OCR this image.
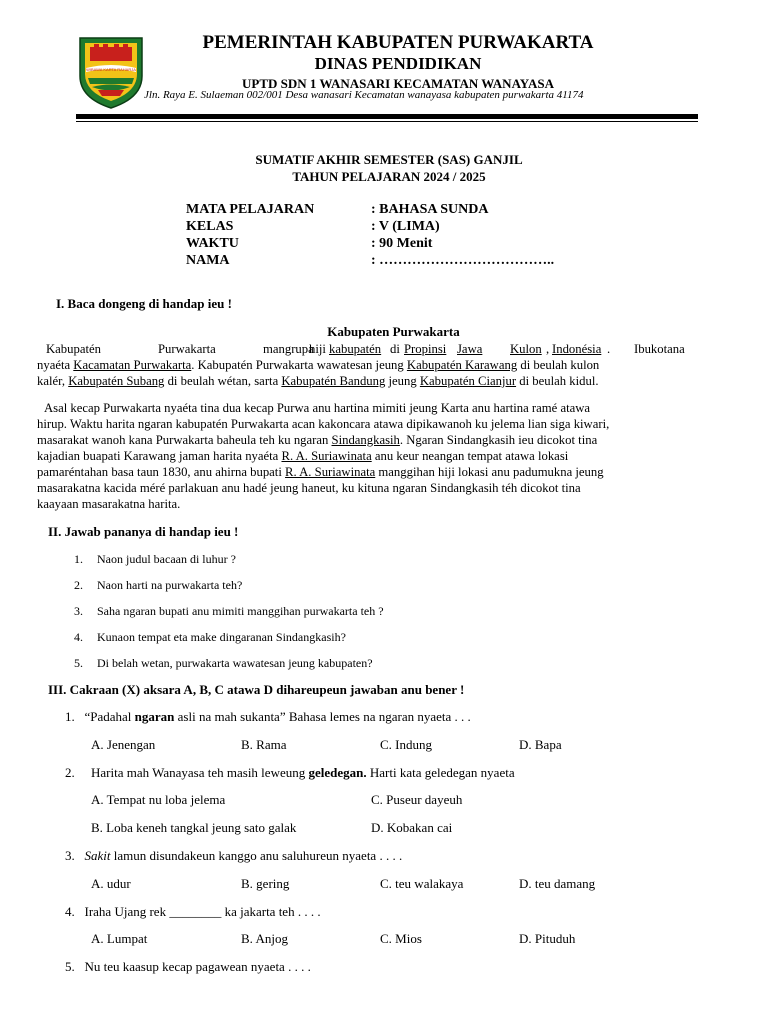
WIBAWA KARTA RAHARJA
PEMERINTAH KABUPATEN PURWAKARTA
DINAS PENDIDIKAN
UPTD SDN 1 WANASARI KECAMATAN WANAYASA
Jln. Raya E. Sulaeman 002/001 Desa wanasari Kecamatan wanayasa kabupaten purwakarta 41174
SUMATIF AKHIR SEMESTER (SAS) GANJIL
TAHUN PELAJARAN 2024 / 2025
MATA PELAJARAN	: BAHASA SUNDA
KELAS	: V (LIMA)
WAKTU	: 90 Menit
NAMA	: ………………………………..
I. Baca dongeng di handap ieu !
Kabupaten Purwakarta
Kabupatén	Purwakarta	mangrupa
hiji kabupatén di Propinsi Jawa Kulon , Indonésia . Ibukotana
nyaéta Kacamatan Purwakarta. Kabupatén Purwakarta wawatesan jeung Kabupatén Karawang di beulah kulon
kalér, Kabupatén Subang di beulah wétan, sarta Kabupatén Bandung jeung Kabupatén Cianjur di beulah kidul.
Asal kecap Purwakarta nyaéta tina dua kecap Purwa anu hartina mimiti jeung Karta anu hartina ramé atawa
hirup. Waktu harita ngaran kabupatén Purwakarta acan kakoncara atawa dipikawanoh ku jelema lian siga kiwari,
masarakat wanoh kana Purwakarta baheula teh ku ngaran Sindangkasih. Ngaran Sindangkasih ieu dicokot tina
kajadian buapati Karawang jaman harita nyaéta R. A. Suriawinata anu keur neangan tempat atawa lokasi
pamaréntahan basa taun 1830, anu ahirna bupati R. A. Suriawinata manggihan hiji lokasi anu padumukna jeung
masarakatna kacida méré parlakuan anu hadé jeung haneut, ku kituna ngaran Sindangkasih téh dicokot tina
kaayaan masarakatna harita.
II. Jawab pananya di handap ieu !
1. Naon judul bacaan di luhur ?
2. Naon harti na purwakarta teh?
3. Saha ngaran bupati anu mimiti manggihan purwakarta teh ?
4. Kunaon tempat eta make dingaranan Sindangkasih?
5. Di belah wetan, purwakarta wawatesan jeung kabupaten?
III. Cakraan (X) aksara A, B, C atawa D dihareupeun jawaban anu bener !
1. “Padahal ngaran asli na mah sukanta” Bahasa lemes na ngaran nyaeta . . .
A. Jenengan	B. Rama	C. Indung	D. Bapa
2. Harita mah Wanayasa teh masih leweung geledegan. Harti kata geledegan nyaeta
A. Tempat nu loba jelema	C. Puseur dayeuh
B. Loba keneh tangkal jeung sato galak	D. Kobakan cai
3. Sakit lamun disundakeun kanggo anu saluhureun nyaeta . . . .
A. udur	B. gering	C. teu walakaya	D. teu damang
4. Iraha Ujang rek ________ ka jakarta teh . . . .
A. Lumpat	B. Anjog	C. Mios	D. Pituduh
5. Nu teu kaasup kecap pagawean nyaeta . . . .
